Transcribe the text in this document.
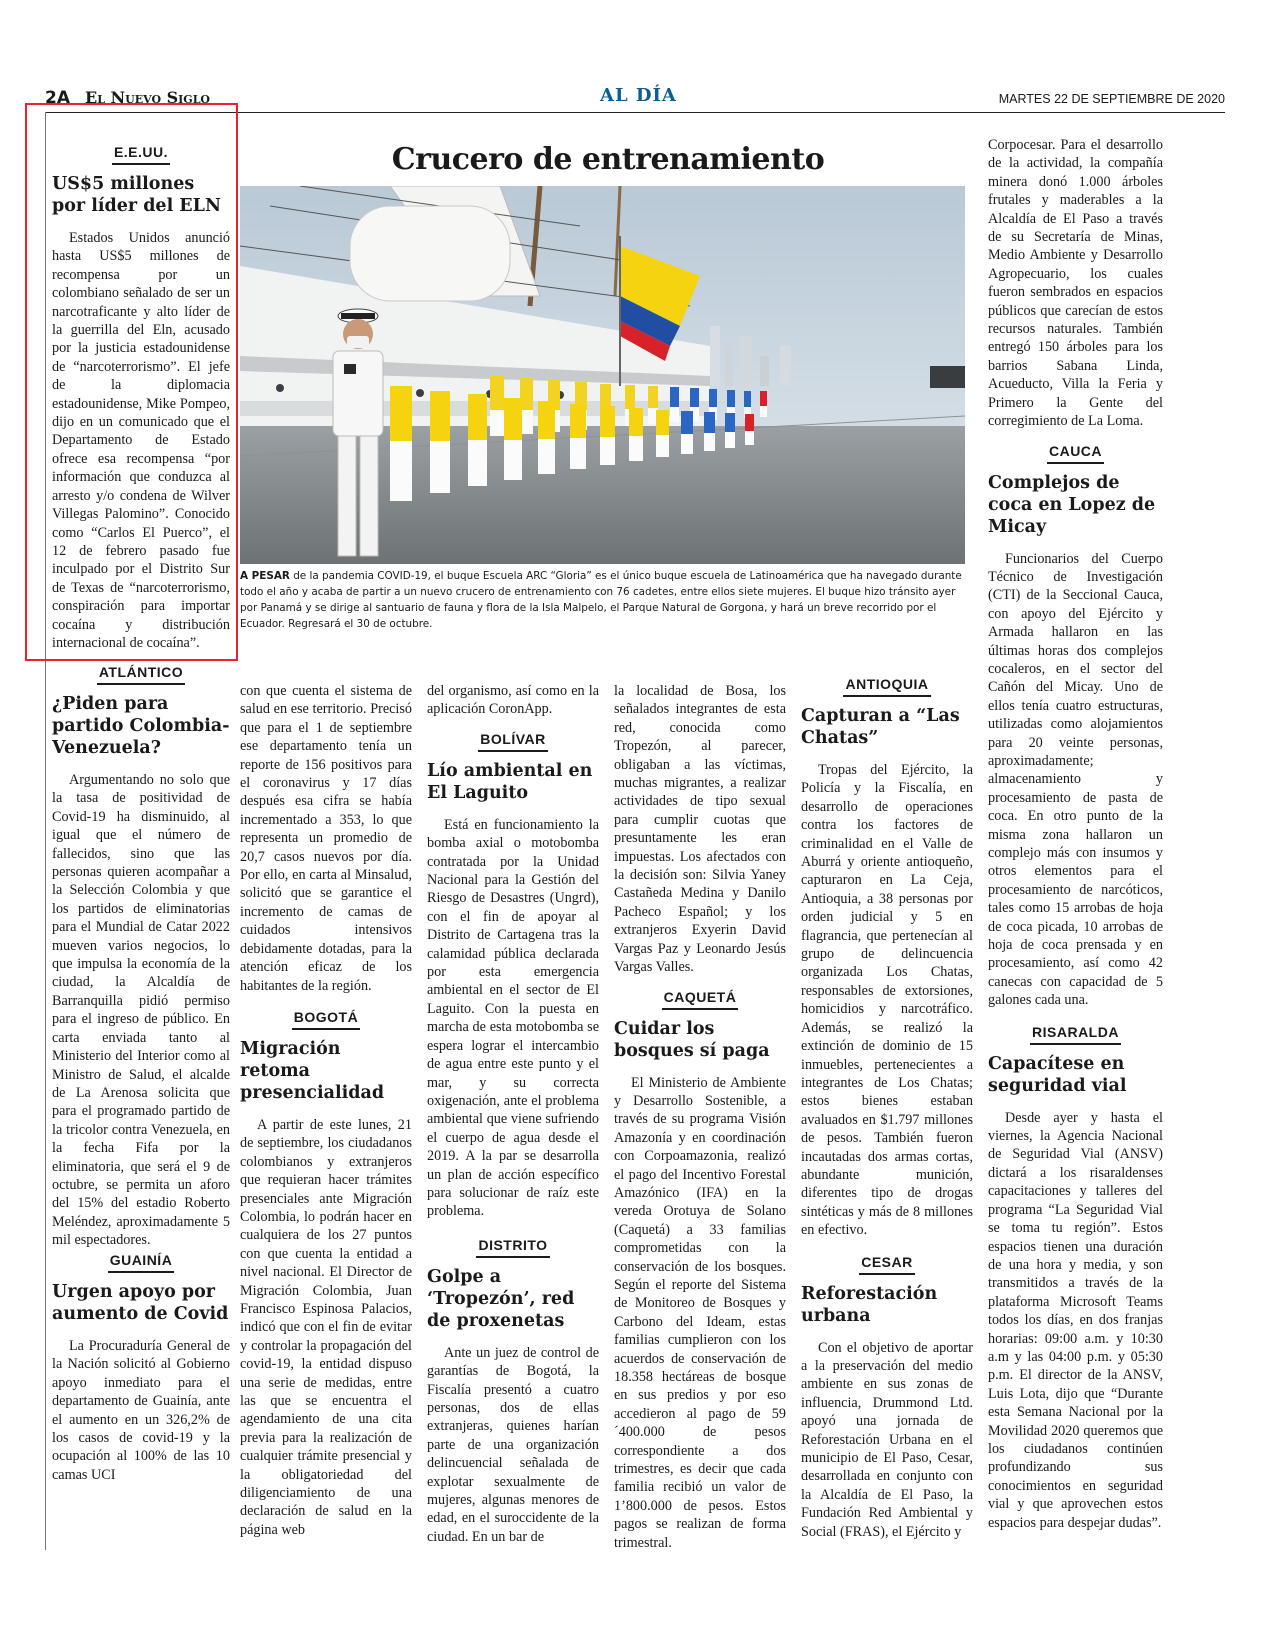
2A El Nuevo Siglo	AL DÍA	MARTES 22 DE SEPTIEMBRE DE 2020
E.E.UU.
US$5 millones por líder del ELN

Estados Unidos anunció hasta US$5 millones de recompensa por un colombiano señalado de ser un narcotraficante y alto líder de la guerrilla del Eln, acusado por la justicia estadounidense de “narcoterrorismo”. El jefe de la diplomacia estadounidense, Mike Pompeo, dijo en un comunicado que el Departamento de Estado ofrece esa recompensa “por información que conduzca al arresto y/o condena de Wilver Villegas Palomino”. Conocido como “Carlos El Puerco”, el 12 de febrero pasado fue inculpado por el Distrito Sur de Texas de “narcoterrorismo, conspiración para importar cocaína y distribución internacional de cocaína”.

ATLÁNTICO
¿Piden para partido Colombia-Venezuela?

Argumentando no solo que la tasa de positividad de Covid-19 ha disminuido, al igual que el número de fallecidos, sino que las personas quieren acompañar a la Selección Colombia y que los partidos de eliminatorias para el Mundial de Catar 2022 mueven varios negocios, lo que impulsa la economía de la ciudad, la Alcaldía de Barranquilla pidió permiso para el ingreso de público. En carta enviada tanto al Ministerio del Interior como al Ministro de Salud, el alcalde de La Arenosa solicita que para el programado partido de la tricolor contra Venezuela, en la fecha Fifa por la eliminatoria, que será el 9 de octubre, se permita un aforo del 15% del estadio Roberto Meléndez, aproximadamente 5 mil espectadores.

GUAINÍA
Urgen apoyo por aumento de Covid

La Procuraduría General de la Nación solicitó al Gobierno apoyo inmediato para el departamento de Guainía, ante el aumento en un 326,2% de los casos de covid-19 y la ocupación al 100% de las 10 camas UCI

Crucero de entrenamiento

A PESAR de la pandemia COVID-19, el buque Escuela ARC “Gloria” es el único buque escuela de Latinoamérica que ha navegado durante todo el año y acaba de partir a un nuevo crucero de entrenamiento con 76 cadetes, entre ellos siete mujeres. El buque hizo tránsito ayer por Panamá y se dirige al santuario de fauna y flora de la Isla Malpelo, el Parque Natural de Gorgona, y hará un breve recorrido por el Ecuador. Regresará el 30 de octubre.

con que cuenta el sistema de salud en ese territorio. Precisó que para el 1 de septiembre ese departamento tenía un reporte de 156 positivos para el coronavirus y 17 días después esa cifra se había incrementado a 353, lo que representa un promedio de 20,7 casos nuevos por día. Por ello, en carta al Minsalud, solicitó que se garantice el incremento de camas de cuidados intensivos debidamente dotadas, para la atención eficaz de los habitantes de la región.

BOGOTÁ
Migración retoma presencialidad

A partir de este lunes, 21 de septiembre, los ciudadanos colombianos y extranjeros que requieran hacer trámites presenciales ante Migración Colombia, lo podrán hacer en cualquiera de los 27 puntos con que cuenta la entidad a nivel nacional. El Director de Migración Colombia, Juan Francisco Espinosa Palacios, indicó que con el fin de evitar y controlar la propagación del covid-19, la entidad dispuso una serie de medidas, entre las que se encuentra el agendamiento de una cita previa para la realización de cualquier trámite presencial y la obligatoriedad del diligenciamiento de una declaración de salud en la página web

del organismo, así como en la aplicación CoronApp.

BOLÍVAR
Lío ambiental en El Laguito

Está en funcionamiento la bomba axial o motobomba contratada por la Unidad Nacional para la Gestión del Riesgo de Desastres (Ungrd), con el fin de apoyar al Distrito de Cartagena tras la calamidad pública declarada por esta emergencia ambiental en el sector de El Laguito. Con la puesta en marcha de esta motobomba se espera lograr el intercambio de agua entre este punto y el mar, y su correcta oxigenación, ante el problema ambiental que viene sufriendo el cuerpo de agua desde el 2019. A la par se desarrolla un plan de acción específico para solucionar de raíz este problema.

DISTRITO
Golpe a ‘Tropezón’, red de proxenetas

Ante un juez de control de garantías de Bogotá, la Fiscalía presentó a cuatro personas, dos de ellas extranjeras, quienes harían parte de una organización delincuencial señalada de explotar sexualmente de mujeres, algunas menores de edad, en el suroccidente de la ciudad. En un bar de

la localidad de Bosa, los señalados integrantes de esta red, conocida como Tropezón, al parecer, obligaban a las víctimas, muchas migrantes, a realizar actividades de tipo sexual para cumplir cuotas que presuntamente les eran impuestas. Los afectados con la decisión son: Silvia Yaney Castañeda Medina y Danilo Pacheco Español; y los extranjeros Exyerin David Vargas Paz y Leonardo Jesús Vargas Valles.

CAQUETÁ
Cuidar los bosques sí paga

El Ministerio de Ambiente y Desarrollo Sostenible, a través de su programa Visión Amazonía y en coordinación con Corpoamazonia, realizó el pago del Incentivo Forestal Amazónico (IFA) en la vereda Orotuya de Solano (Caquetá) a 33 familias comprometidas con la conservación de los bosques. Según el reporte del Sistema de Monitoreo de Bosques y Carbono del Ideam, estas familias cumplieron con los acuerdos de conservación de 18.358 hectáreas de bosque en sus predios y por eso accedieron al pago de 59´400.000 de pesos correspondiente a dos trimestres, es decir que cada familia recibió un valor de 1’800.000 de pesos. Estos pagos se realizan de forma trimestral.

ANTIOQUIA
Capturan a “Las Chatas”

Tropas del Ejército, la Policía y la Fiscalía, en desarrollo de operaciones contra los factores de criminalidad en el Valle de Aburrá y oriente antioqueño, capturaron en La Ceja, Antioquia, a 38 personas por orden judicial y 5 en flagrancia, que pertenecían al grupo de delincuencia organizada Los Chatas, responsables de extorsiones, homicidios y narcotráfico. Además, se realizó la extinción de dominio de 15 inmuebles, pertenecientes a integrantes de Los Chatas; estos bienes estaban avaluados en $1.797 millones de pesos. También fueron incautadas dos armas cortas, abundante munición, diferentes tipo de drogas sintéticas y más de 8 millones en efectivo.

CESAR
Reforestación urbana

Con el objetivo de aportar a la preservación del medio ambiente en sus zonas de influencia, Drummond Ltd. apoyó una jornada de Reforestación Urbana en el municipio de El Paso, Cesar, desarrollada en conjunto con la Alcaldía de El Paso, la Fundación Red Ambiental y Social (FRAS), el Ejército y

Corpocesar. Para el desarrollo de la actividad, la compañía minera donó 1.000 árboles frutales y maderables a la Alcaldía de El Paso a través de su Secretaría de Minas, Medio Ambiente y Desarrollo Agropecuario, los cuales fueron sembrados en espacios públicos que carecían de estos recursos naturales. También entregó 150 árboles para los barrios Sabana Linda, Acueducto, Villa la Feria y Primero la Gente del corregimiento de La Loma.

CAUCA
Complejos de coca en Lopez de Micay

Funcionarios del Cuerpo Técnico de Investigación (CTI) de la Seccional Cauca, con apoyo del Ejército y Armada hallaron en las últimas horas dos complejos cocaleros, en el sector del Cañón del Micay. Uno de ellos tenía cuatro estructuras, utilizadas como alojamientos para 20 veinte personas, aproximadamente; almacenamiento y procesamiento de pasta de coca. En otro punto de la misma zona hallaron un complejo más con insumos y otros elementos para el procesamiento de narcóticos, tales como 15 arrobas de hoja de coca picada, 10 arrobas de hoja de coca prensada y en procesamiento, así como 42 canecas con capacidad de 5 galones cada una.

RISARALDA
Capacítese en seguridad vial

Desde ayer y hasta el viernes, la Agencia Nacional de Seguridad Vial (ANSV) dictará a los risaraldenses capacitaciones y talleres del programa “La Seguridad Vial se toma tu región”. Estos espacios tienen una duración de una hora y media, y son transmitidos a través de la plataforma Microsoft Teams todos los días, en dos franjas horarias: 09:00 a.m. y 10:30 a.m y las 04:00 p.m. y 05:30 p.m. El director de la ANSV, Luis Lota, dijo que “Durante esta Semana Nacional por la Movilidad 2020 queremos que los ciudadanos continúen profundizando sus conocimientos en seguridad vial y que aprovechen estos espacios para despejar dudas”.
